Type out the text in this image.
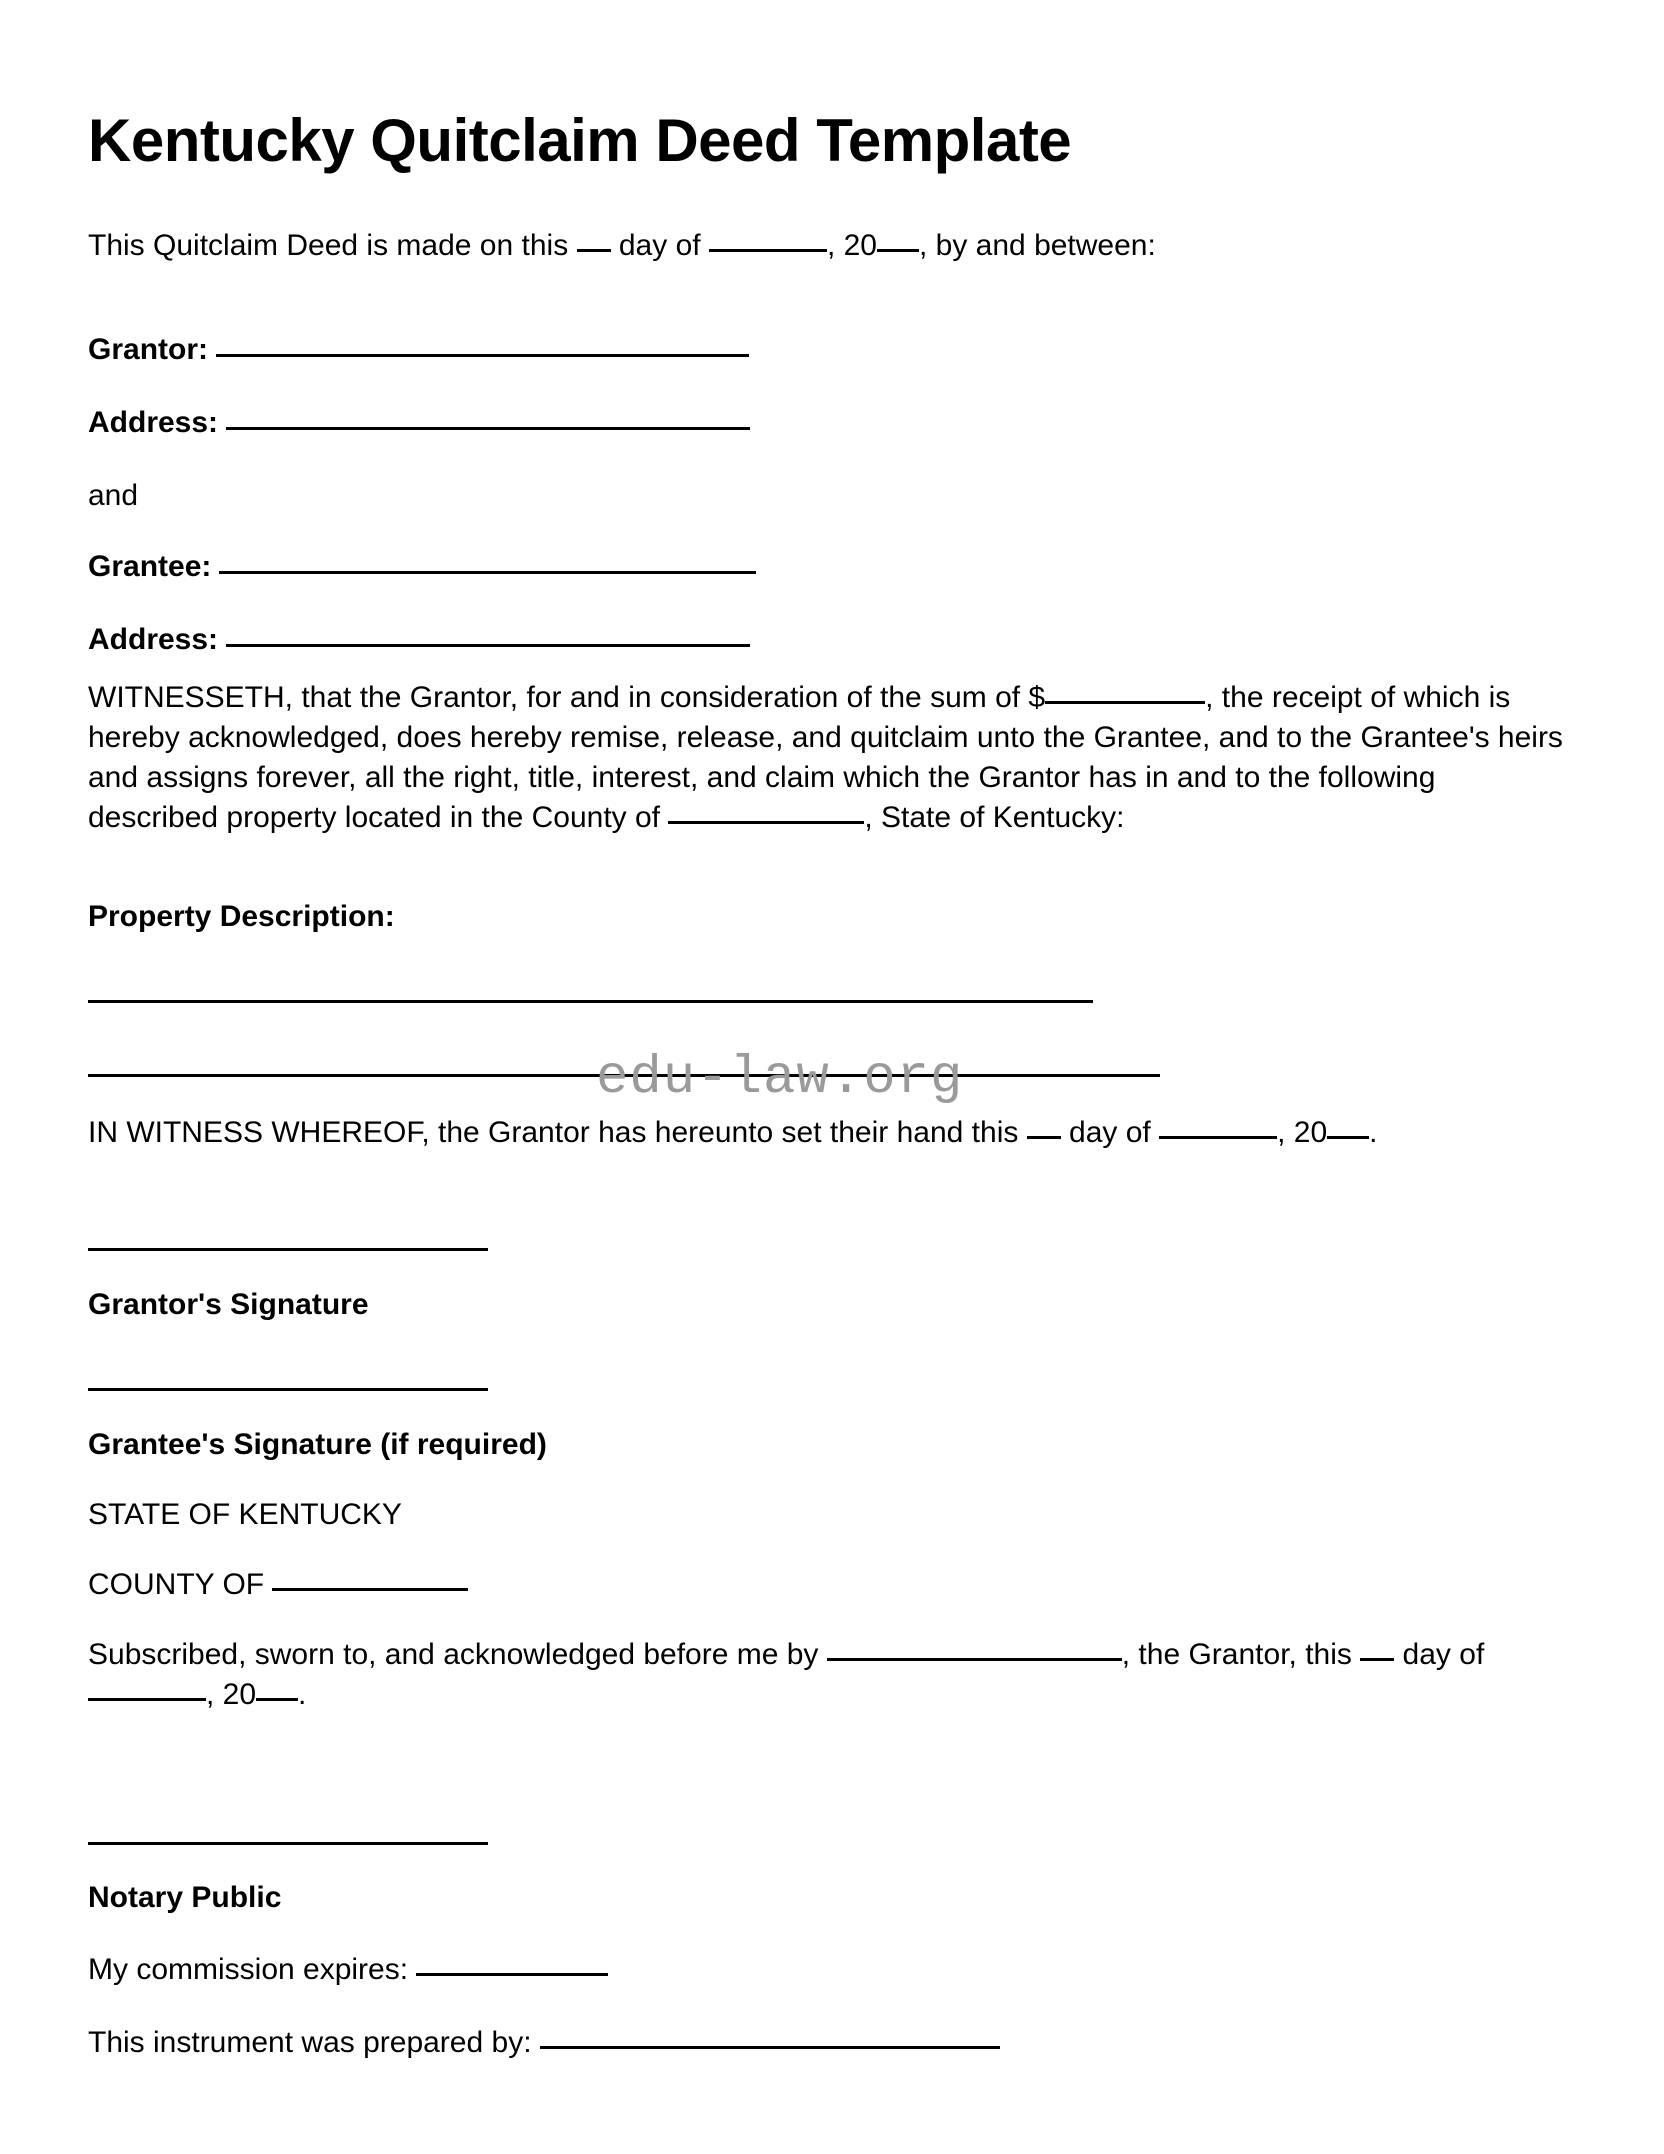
Kentucky Quitclaim Deed Template
This Quitclaim Deed is made on this  day of	, 20 , by and between:
Grantor:
Address:
and
Grantee:
Address:
WITNESSETH, that the Grantor, for and in consideration of the sum of $	, the receipt of which is hereby acknowledged, does hereby remise, release, and quitclaim unto the Grantee, and to the Grantee's heirs and assigns forever, all the right, title, interest, and claim which the Grantor has in and to the following described property located in the County of	, State of Kentucky:
Property Description:
IN WITNESS WHEREOF, the Grantor has hereunto set their hand this  day of	, 20 .
Grantor's Signature
Grantee's Signature (if required)
STATE OF KENTUCKY
COUNTY OF
Subscribed, sworn to, and acknowledged before me by	, the Grantor, this  day of , 20 .
Notary Public
My commission expires:
This instrument was prepared by:
edu-law.org
